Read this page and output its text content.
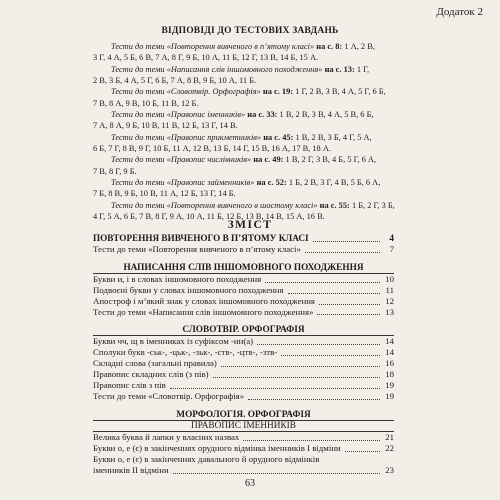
Додаток 2
ВІДПОВІДІ ДО ТЕСТОВИХ ЗАВДАНЬ
Тести до теми «Повторення вивченого в п’ятому класі» на с. 8: 1 А, 2 В,
3 Г, 4 А, 5 Б, 6 В, 7 А, 8 Г, 9 Б, 10 А, 11 Б, 12 Г, 13 В, 14 Б, 15 А.
Тести до теми «Написання слів іншомовного походження» на с. 13: 1 Г,
2 В, 3 Б, 4 А, 5 Г, 6 Б, 7 А, 8 В, 9 Б, 10 А, 11 Б.
Тести до теми «Словотвір. Орфографія» на с. 19: 1 Г, 2 В, 3 В, 4 А, 5 Г, 6 Б,
7 В, 8 А, 9 В, 10 Б, 11 В, 12 Б.
Тести до теми «Правопис іменників» на с. 33: 1 В, 2 В, 3 В, 4 А, 5 В, 6 Б,
7 А, 8 А, 9 Б, 10 В, 11 В, 12 Б, 13 Г, 14 В.
Тести до теми «Правопис прикметників» на с. 45: 1 В, 2 В, 3 Б, 4 Г, 5 А,
6 Б, 7 Г, 8 В, 9 Г, 10 Б, 11 А, 12 В, 13 Б, 14 Г, 15 В, 16 А, 17 В, 18 А.
Тести до теми «Правопис числівників» на с. 49: 1 В, 2 Г, 3 В, 4 Б, 5 Г, 6 А,
7 В, 8 Г, 9 Б.
Тести до теми «Правопис займенників» на с. 52: 1 Б, 2 В, 3 Г, 4 В, 5 Б, 6 А,
7 Б, 8 В, 9 Б, 10 В, 11 А, 12 Б, 13 Г, 14 Б.
Тести до теми «Повторення вивченого в шостому класі» на с. 55: 1 Б, 2 Г, 3 Б,
4 Г, 5 А, 6 Б, 7 В, 8 Г, 9 А, 10 А, 11 Б, 12 Б, 13 В, 14 В, 15 А, 16 В.
ЗМІСТ
ПОВТОРЕННЯ ВИВЧЕНОГО В П’ЯТОМУ КЛАСІ	4
Тести до теми «Повторення вивченого в п’ятому класі»	7
НАПИСАННЯ СЛІВ ІНШОМОВНОГО ПОХОДЖЕННЯ
Букви и, і в словах іншомовного походження	10
Подвоєні букви у словах іншомовного походження	11
Апостроф і м’який знак у словах іншомовного походження	12
Тести до теми «Написання слів іншомовного походження»	13
СЛОВОТВІР. ОРФОГРАФІЯ
Букви чч, щ в іменниках із суфіксом -ин(а)	14
Сполуки букв -ськ-, -цьк-, -зьк-, -ств-, -цтв-, -зтв-	14
Складні слова (загальні правила)	16
Правопис складних слів (з пів)	18
Правопис слів з пів	19
Тести до теми «Словотвір. Орфографія»	19
МОРФОЛОГІЯ. ОРФОГРАФІЯ
ПРАВОПИС ІМЕННИКІВ
Велика буква й лапки у власних назвах	21
Букви о, е (є) в закінченнях орудного відмінка іменників І відміни	22
Букви о, е (є) в закінченнях давального й орудного відмінків
іменників ІІ відміни	23
63
